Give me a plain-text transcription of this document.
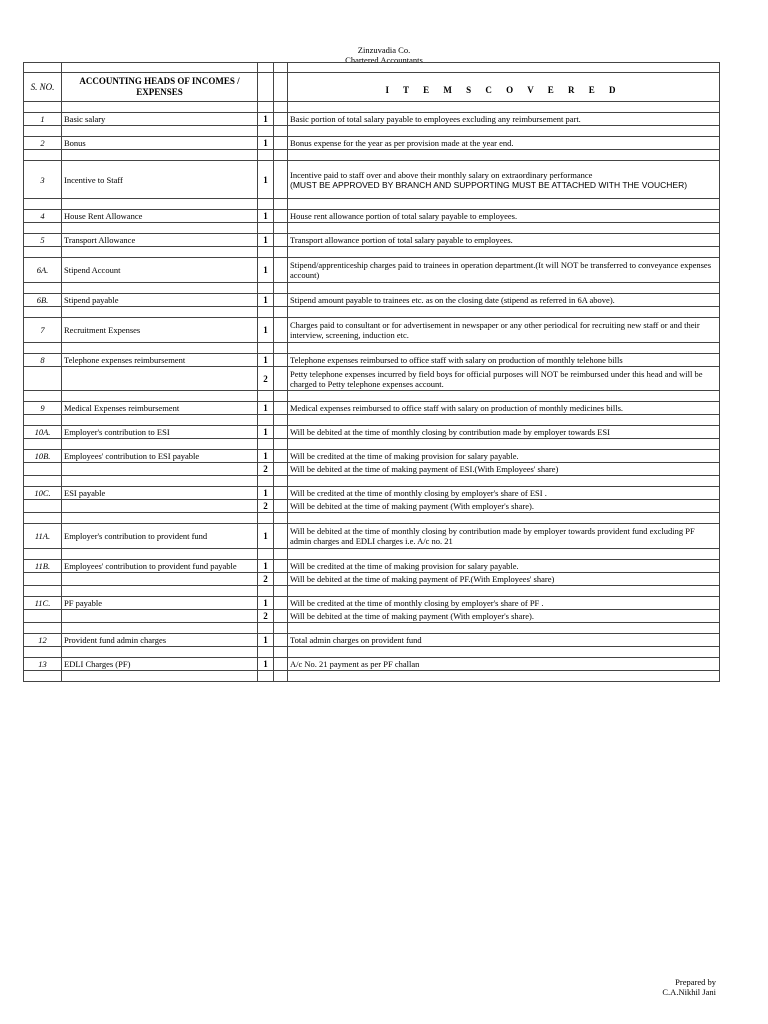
Zinzuvadia Co.
Chartered Accountants

S. NO.	ACCOUNTING HEADS OF INCOMES / EXPENSES			I T E M S C O V E R E D

1	Basic salary	1		Basic portion of total salary payable to employees excluding any reimbursement part.

2	Bonus	1		Bonus expense for the year as per provision made at the year end.

3	Incentive to Staff	1		Incentive paid to staff over and above their monthly salary on extraordinary performance
(MUST BE APPROVED BY BRANCH AND SUPPORTING MUST BE ATTACHED WITH THE VOUCHER)

4	House Rent Allowance	1		House rent allowance portion of total salary payable to employees.

5	Transport Allowance	1		Transport allowance portion of total salary payable to employees.

6A.	Stipend Account	1		Stipend/apprenticeship charges paid to trainees in operation department.(It will NOT be transferred to conveyance expenses account)

6B.	Stipend payable	1		Stipend amount payable to trainees etc. as on the closing date (stipend as referred in 6A above).

7	Recruitment Expenses	1		Charges paid to consultant or for advertisement in newspaper or any other periodical for recruiting new staff or and their interview, screening, induction etc.

8	Telephone expenses reimbursement	1		Telephone expenses reimbursed to office staff with salary on production of monthly telehone bills

		2		Petty telephone expenses incurred by field boys for official purposes will NOT be reimbursed under this head and will be charged to Petty telephone expenses account.

9	Medical Expenses reimbursement	1		Medical expenses reimbursed to office staff with salary on production of monthly medicines bills.

10A.	Employer's contribution to ESI	1		Will be debited at the time of monthly closing by contribution made by employer towards ESI

10B.	Employees' contribution to ESI payable	1		Will be credited at the time of making provision for salary payable.

		2		Will be debited at the time of making payment of ESI.(With Employees' share)

10C.	ESI payable	1		Will be credited at the time of monthly closing by employer's share of ESI .

		2		Will be debited at the time of making payment (With employer's share).

11A.	Employer's contribution to provident fund	1		Will be debited at the time of monthly closing by contribution made by employer towards provident fund excluding PF admin charges and EDLI charges i.e. A/c no. 21

11B.	Employees' contribution to provident fund payable	1		Will be credited at the time of making provision for salary payable.

		2		Will be debited at the time of making payment of PF.(With Employees' share)

11C.	PF payable	1		Will be credited at the time of monthly closing by employer's share of PF .

		2		Will be debited at the time of making payment (With employer's share).

12	Provident fund admin charges	1		Total admin charges on provident fund

13	EDLI Charges (PF)	1		A/c No. 21 payment as per PF challan

Prepared by
C.A.Nikhil Jani
